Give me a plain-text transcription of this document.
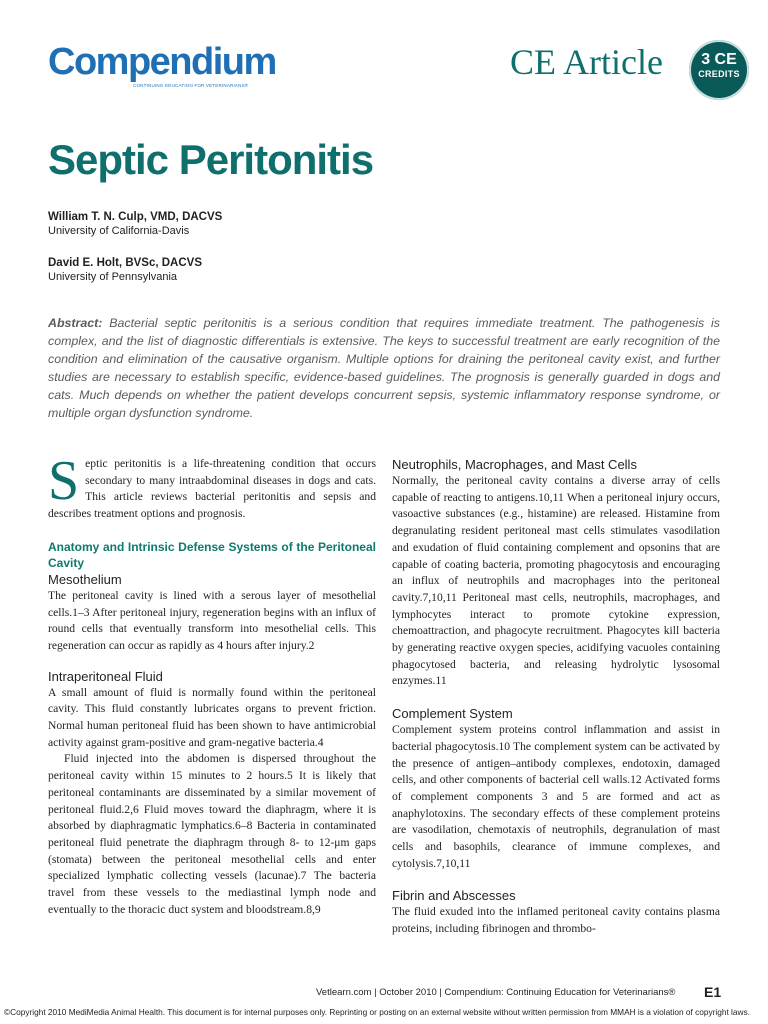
Compendium
CONTINUING EDUCATION FOR VETERINARIANS®
CE Article	3 CE
CREDITS
Septic Peritonitis
William T. N. Culp, VMD, DACVS
University of California-Davis
David E. Holt, BVSc, DACVS
University of Pennsylvania
Abstract: Bacterial septic peritonitis is a serious condition that requires immediate treatment. The pathogenesis is complex, and the list of diagnostic differentials is extensive. The keys to successful treatment are early recognition of the condition and elimination of the causative organism. Multiple options for draining the peritoneal cavity exist, and further studies are necessary to establish specific, evidence-based guidelines. The prognosis is generally guarded in dogs and cats. Much depends on whether the patient develops concurrent sepsis, systemic inflammatory response syndrome, or multiple organ dysfunction syndrome.

Septic peritonitis is a life-threatening condition that occurs secondary to many intraabdominal diseases in dogs and cats. This article reviews bacterial peritonitis and sepsis and describes treatment options and prognosis.

Anatomy and Intrinsic Defense Systems of the Peritoneal Cavity
Mesothelium

The peritoneal cavity is lined with a serous layer of mesothelial cells.1–3 After peritoneal injury, regeneration begins with an influx of round cells that eventually transform into mesothelial cells. This regeneration can occur as rapidly as 4 hours after injury.2

Intraperitoneal Fluid

A small amount of fluid is normally found within the peritoneal cavity. This fluid constantly lubricates organs to prevent friction. Normal human peritoneal fluid has been shown to have antimicrobial activity against gram-positive and gram-negative bacteria.4

Fluid injected into the abdomen is dispersed throughout the peritoneal cavity within 15 minutes to 2 hours.5 It is likely that peritoneal contaminants are disseminated by a similar movement of peritoneal fluid.2,6 Fluid moves toward the diaphragm, where it is absorbed by diaphragmatic lymphatics.6–8 Bacteria in contaminated peritoneal fluid penetrate the diaphragm through 8- to 12-μm gaps (stomata) between the peritoneal mesothelial cells and enter specialized lymphatic collecting vessels (lacunae).7 The bacteria travel from these vessels to the mediastinal lymph node and eventually to the thoracic duct system and bloodstream.8,9

Neutrophils, Macrophages, and Mast Cells

Normally, the peritoneal cavity contains a diverse array of cells capable of reacting to antigens.10,11 When a peritoneal injury occurs, vasoactive substances (e.g., histamine) are released. Histamine from degranulating resident peritoneal mast cells stimulates vasodilation and exudation of fluid containing complement and opsonins that are capable of coating bacteria, promoting phagocytosis and encouraging an influx of neutrophils and macrophages into the peritoneal cavity.7,10,11 Peritoneal mast cells, neutrophils, macrophages, and lymphocytes interact to promote cytokine expression, chemoattraction, and phagocyte recruitment. Phagocytes kill bacteria by generating reactive oxygen species, acidifying vacuoles containing phagocytosed bacteria, and releasing hydrolytic lysosomal enzymes.11

Complement System

Complement system proteins control inflammation and assist in bacterial phagocytosis.10 The complement system can be activated by the presence of antigen–antibody complexes, endotoxin, damaged cells, and other components of bacterial cell walls.12 Activated forms of complement components 3 and 5 are formed and act as anaphylotoxins. The secondary effects of these complement proteins are vasodilation, chemotaxis of neutrophils, degranulation of mast cells and basophils, clearance of immune complexes, and cytolysis.7,10,11

Fibrin and Abscesses

The fluid exuded into the inflamed peritoneal cavity contains plasma proteins, including fibrinogen and thrombo-

Vetlearn.com | October 2010 | Compendium: Continuing Education for Veterinarians® E1
©Copyright 2010 MediMedia Animal Health. This document is for internal purposes only. Reprinting or posting on an external website without written permission from MMAH is a violation of copyright laws.
